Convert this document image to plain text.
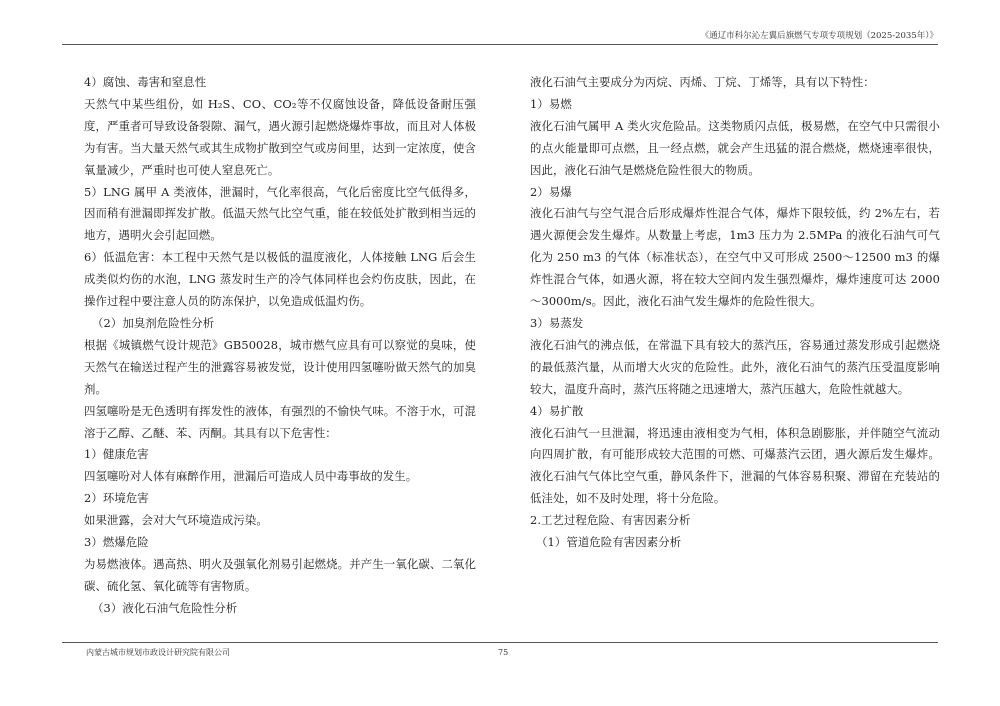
《通辽市科尔沁左翼后旗燃气专项专项规划（2025-2035年）》

4）腐蚀、毒害和窒息性

天然气中某些组份，如 H₂S、CO、CO₂等不仅腐蚀设备，降低设备耐压强度，严重者可导致设备裂隙、漏气，遇火源引起燃烧爆炸事故，而且对人体极为有害。当大量天然气或其生成物扩散到空气或房间里，达到一定浓度，使含氧量减少，严重时也可使人窒息死亡。

5）LNG 属甲 A 类液体，泄漏时，气化率很高，气化后密度比空气低得多，因而稍有泄漏即挥发扩散。低温天然气比空气重，能在较低处扩散到相当远的地方，遇明火会引起回燃。

6）低温危害：本工程中天然气是以极低的温度液化，人体接触 LNG 后会生成类似灼伤的水泡，LNG 蒸发时生产的冷气体同样也会灼伤皮肤，因此，在操作过程中要注意人员的防冻保护，以免造成低温灼伤。

（2）加臭剂危险性分析

根据《城镇燃气设计规范》GB50028，城市燃气应具有可以察觉的臭味，使天然气在输送过程产生的泄露容易被发觉，设计使用四氢噻吩做天然气的加臭剂。

四氢噻吩是无色透明有挥发性的液体，有强烈的不愉快气味。不溶于水，可混溶于乙醇、乙醚、苯、丙酮。其具有以下危害性：

1）健康危害

四氢噻吩对人体有麻醉作用，泄漏后可造成人员中毒事故的发生。

2）环境危害

如果泄露，会对大气环境造成污染。

3）燃爆危险

为易燃液体。遇高热、明火及强氧化剂易引起燃烧。并产生一氧化碳、二氧化碳、硫化氢、氧化硫等有害物质。

（3）液化石油气危险性分析

液化石油气主要成分为丙烷、丙烯、丁烷、丁烯等，具有以下特性：

1）易燃

液化石油气属甲 A 类火灾危险品。这类物质闪点低，极易燃，在空气中只需很小的点火能量即可点燃，且一经点燃，就会产生迅猛的混合燃烧，燃烧速率很快，因此，液化石油气是燃烧危险性很大的物质。

2）易爆

液化石油气与空气混合后形成爆炸性混合气体，爆炸下限较低，约 2%左右，若遇火源便会发生爆炸。从数量上考虑，1m3 压力为 2.5MPa 的液化石油气可气化为 250 m3 的气体（标准状态），在空气中又可形成 2500～12500 m3 的爆炸性混合气体，如遇火源，将在较大空间内发生强烈爆炸，爆炸速度可达 2000～3000m/s。因此，液化石油气发生爆炸的危险性很大。

3）易蒸发

液化石油气的沸点低，在常温下具有较大的蒸汽压，容易通过蒸发形成引起燃烧的最低蒸汽量，从而增大火灾的危险性。此外，液化石油气的蒸汽压受温度影响较大，温度升高时，蒸汽压将随之迅速增大，蒸汽压越大，危险性就越大。

4）易扩散

液化石油气一旦泄漏，将迅速由液相变为气相，体积急剧膨胀，并伴随空气流动向四周扩散，有可能形成较大范围的可燃、可爆蒸汽云团，遇火源后发生爆炸。液化石油气气体比空气重，静风条件下，泄漏的气体容易积聚、滞留在充装站的低洼处，如不及时处理，将十分危险。

2.工艺过程危险、有害因素分析

（1）管道危险有害因素分析

内蒙古城市规划市政设计研究院有限公司	75
